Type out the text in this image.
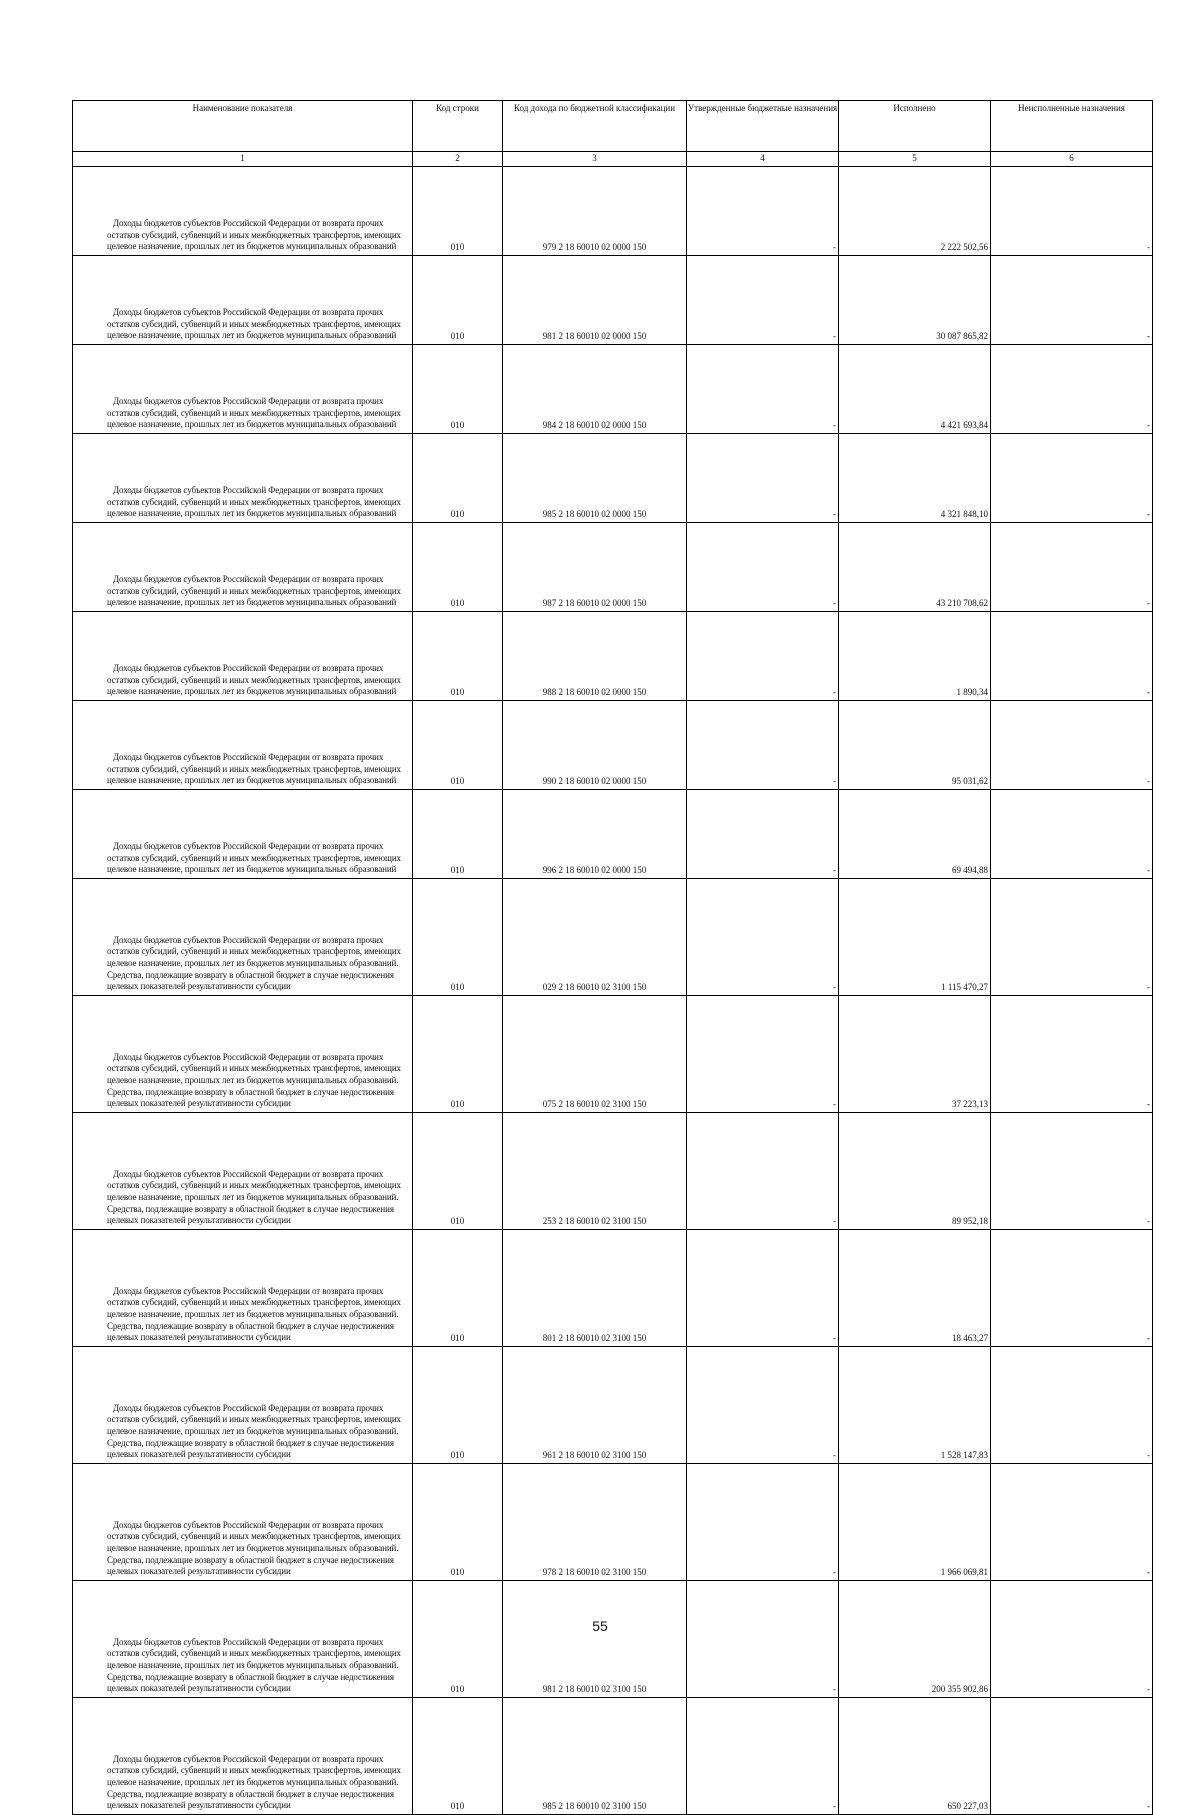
Наименование показателя	Код строки	Код дохода по бюджетной классификации	Утвержденные бюджетные назначения	Исполнено	Неисполненные назначения
1	2	3	4	5	6
Доходы бюджетов субъектов Российской Федерации от возврата прочих остатков субсидий, субвенций и иных межбюджетных трансфертов, имеющих целевое назначение, прошлых лет из бюджетов муниципальных образований	010	979 2 18 60010 02 0000 150	-	2 222 502,56	-
Доходы бюджетов субъектов Российской Федерации от возврата прочих остатков субсидий, субвенций и иных межбюджетных трансфертов, имеющих целевое назначение, прошлых лет из бюджетов муниципальных образований	010	981 2 18 60010 02 0000 150	-	30 087 865,82	-
Доходы бюджетов субъектов Российской Федерации от возврата прочих остатков субсидий, субвенций и иных межбюджетных трансфертов, имеющих целевое назначение, прошлых лет из бюджетов муниципальных образований	010	984 2 18 60010 02 0000 150	-	4 421 693,84	-
Доходы бюджетов субъектов Российской Федерации от возврата прочих остатков субсидий, субвенций и иных межбюджетных трансфертов, имеющих целевое назначение, прошлых лет из бюджетов муниципальных образований	010	985 2 18 60010 02 0000 150	-	4 321 848,10	-
Доходы бюджетов субъектов Российской Федерации от возврата прочих остатков субсидий, субвенций и иных межбюджетных трансфертов, имеющих целевое назначение, прошлых лет из бюджетов муниципальных образований	010	987 2 18 60010 02 0000 150	-	43 210 708,62	-
Доходы бюджетов субъектов Российской Федерации от возврата прочих остатков субсидий, субвенций и иных межбюджетных трансфертов, имеющих целевое назначение, прошлых лет из бюджетов муниципальных образований	010	988 2 18 60010 02 0000 150	-	1 890,34	-
Доходы бюджетов субъектов Российской Федерации от возврата прочих остатков субсидий, субвенций и иных межбюджетных трансфертов, имеющих целевое назначение, прошлых лет из бюджетов муниципальных образований	010	990 2 18 60010 02 0000 150	-	95 031,62	-
Доходы бюджетов субъектов Российской Федерации от возврата прочих остатков субсидий, субвенций и иных межбюджетных трансфертов, имеющих целевое назначение, прошлых лет из бюджетов муниципальных образований	010	996 2 18 60010 02 0000 150	-	69 494,88	-
Доходы бюджетов субъектов Российской Федерации от возврата прочих остатков субсидий, субвенций и иных межбюджетных трансфертов, имеющих целевое назначение, прошлых лет из бюджетов муниципальных образований. Средства, подлежащие возврату в областной бюджет в случае недостижения целевых показателей результативности субсидии	010	029 2 18 60010 02 3100 150	-	1 115 470,27	-
Доходы бюджетов субъектов Российской Федерации от возврата прочих остатков субсидий, субвенций и иных межбюджетных трансфертов, имеющих целевое назначение, прошлых лет из бюджетов муниципальных образований. Средства, подлежащие возврату в областной бюджет в случае недостижения целевых показателей результативности субсидии	010	075 2 18 60010 02 3100 150	-	37 223,13	-
Доходы бюджетов субъектов Российской Федерации от возврата прочих остатков субсидий, субвенций и иных межбюджетных трансфертов, имеющих целевое назначение, прошлых лет из бюджетов муниципальных образований. Средства, подлежащие возврату в областной бюджет в случае недостижения целевых показателей результативности субсидии	010	253 2 18 60010 02 3100 150	-	89 952,18	-
Доходы бюджетов субъектов Российской Федерации от возврата прочих остатков субсидий, субвенций и иных межбюджетных трансфертов, имеющих целевое назначение, прошлых лет из бюджетов муниципальных образований. Средства, подлежащие возврату в областной бюджет в случае недостижения целевых показателей результативности субсидии	010	801 2 18 60010 02 3100 150	-	18 463,27	-
Доходы бюджетов субъектов Российской Федерации от возврата прочих остатков субсидий, субвенций и иных межбюджетных трансфертов, имеющих целевое назначение, прошлых лет из бюджетов муниципальных образований. Средства, подлежащие возврату в областной бюджет в случае недостижения целевых показателей результативности субсидии	010	961 2 18 60010 02 3100 150	-	1 528 147,83	-
Доходы бюджетов субъектов Российской Федерации от возврата прочих остатков субсидий, субвенций и иных межбюджетных трансфертов, имеющих целевое назначение, прошлых лет из бюджетов муниципальных образований. Средства, подлежащие возврату в областной бюджет в случае недостижения целевых показателей результативности субсидии	010	978 2 18 60010 02 3100 150	-	1 966 069,81	-
Доходы бюджетов субъектов Российской Федерации от возврата прочих остатков субсидий, субвенций и иных межбюджетных трансфертов, имеющих целевое назначение, прошлых лет из бюджетов муниципальных образований. Средства, подлежащие возврату в областной бюджет в случае недостижения целевых показателей результативности субсидии	010	981 2 18 60010 02 3100 150	-	200 355 902,86	-
Доходы бюджетов субъектов Российской Федерации от возврата прочих остатков субсидий, субвенций и иных межбюджетных трансфертов, имеющих целевое назначение, прошлых лет из бюджетов муниципальных образований. Средства, подлежащие возврату в областной бюджет в случае недостижения целевых показателей результативности субсидии	010	985 2 18 60010 02 3100 150	-	650 227,03	-
55
